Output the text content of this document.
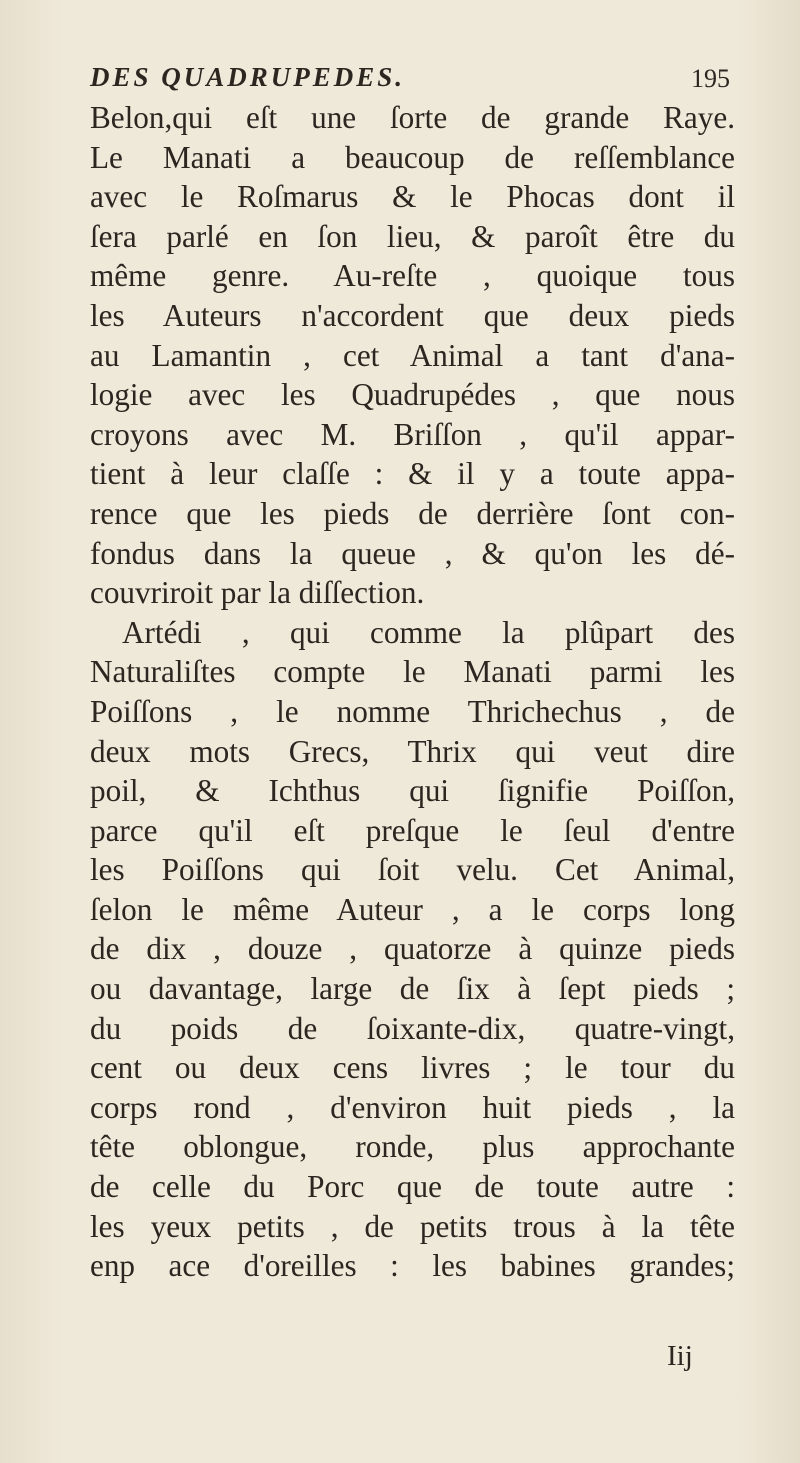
DES QUADRUPEDES.	195
Belon,qui eſt une ſorte de grande Raye.
Le Manati a beaucoup de reſſemblance
avec le Roſmarus & le Phocas dont il
ſera parlé en ſon lieu, & paroît être du
même genre. Au-reſte , quoique tous
les Auteurs n'accordent que deux pieds
au Lamantin , cet Animal a tant d'ana-
logie avec les Quadrupédes , que nous
croyons avec M. Briſſon , qu'il appar-
tient à leur claſſe : & il y a toute appa-
rence que les pieds de derrière ſont con-
fondus dans la queue , & qu'on les dé-
couvriroit par la diſſection.
Artédi , qui comme la plûpart des
Naturaliſtes compte le Manati parmi les
Poiſſons , le nomme Thrichechus , de
deux mots Grecs, Thrix qui veut dire
poil, & Ichthus qui ſignifie Poiſſon,
parce qu'il eſt preſque le ſeul d'entre
les Poiſſons qui ſoit velu. Cet Animal,
ſelon le même Auteur , a le corps long
de dix , douze , quatorze à quinze pieds
ou davantage, large de ſix à ſept pieds ;
du poids de ſoixante-dix, quatre-vingt,
cent ou deux cens livres ; le tour du
corps rond , d'environ huit pieds , la
tête oblongue, ronde, plus approchante
de celle du Porc que de toute autre :
les yeux petits , de petits trous à la tête
enp ace d'oreilles : les babines grandes;
Iij
